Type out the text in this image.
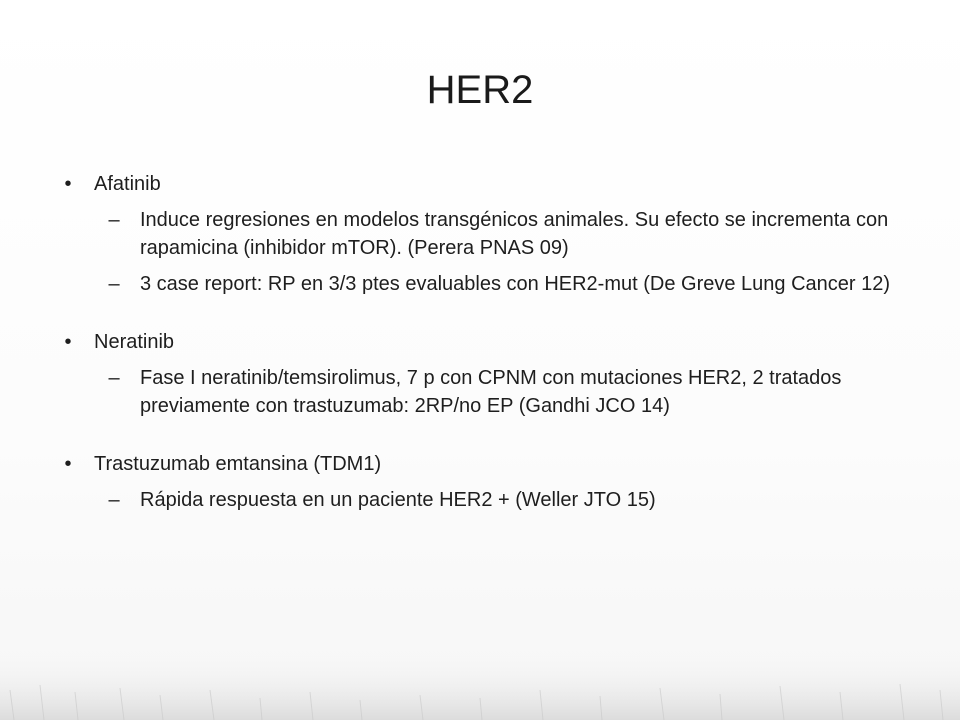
HER2
•	Afatinib
– Induce regresiones en modelos transgénicos animales. Su efecto se incrementa con rapamicina (inhibidor mTOR). (Perera PNAS 09)
– 3 case report: RP en 3/3 ptes evaluables con HER2-mut (De Greve Lung Cancer 12)
•	Neratinib
– Fase I neratinib/temsirolimus, 7 p con CPNM con mutaciones HER2, 2 tratados previamente con trastuzumab: 2RP/no EP (Gandhi JCO 14)
•	Trastuzumab emtansina (TDM1)
– Rápida respuesta en un paciente HER2 + (Weller JTO 15)
